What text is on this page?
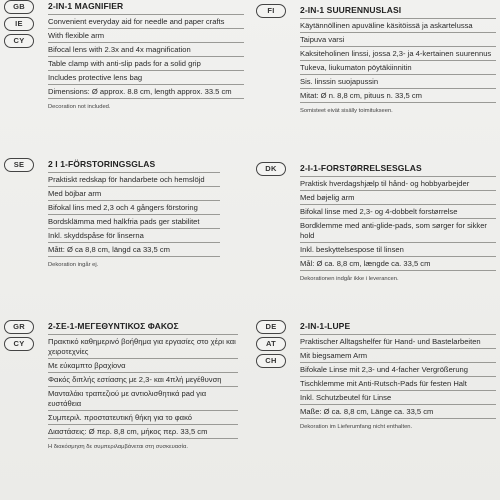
GB
IE
CY
2-IN-1 MAGNIFIER
Convenient everyday aid for needle and paper crafts
With flexible arm
Bifocal lens with 2.3x and 4x magnification
Table clamp with anti-slip pads for a solid grip
Includes protective lens bag
Dimensions: Ø approx. 8.8 cm, length approx. 33.5 cm
Decoration not included.
FI	2-IN-1 SUURENNUSLASI
Käytännöllinen apuväline käsitöissä ja askartelussa
Taipuva varsi
Kaksiteholinen linssi, jossa 2,3- ja 4-kertainen suurennus
Tukeva, liukumaton pöytäkiinnitin
Sis. linssin suojapussin
Mitat: Ø n. 8,8 cm, pituus n. 33,5 cm
Somisteet eivät sisälly toimitukseen.
SE	2 I 1-FÖRSTORINGSGLAS
Praktiskt redskap för handarbete och hemslöjd
Med böjbar arm
Bifokal lins med 2,3 och 4 gångers förstoring
Bordsklämma med halkfria pads ger stabilitet
Inkl. skyddspåse för linserna
Mått: Ø ca 8,8 cm, längd ca 33,5 cm
Dekoration ingår ej.
DK	2-I-1-FORSTØRRELSESGLAS
Praktisk hverdagshjælp til hånd- og hobbyarbejder
Med bøjelig arm
Bifokal linse med 2,3- og 4-dobbelt forstørrelse
Bordklemme med anti-glide-pads, som sørger for sikker hold
Inkl. beskyttelsespose til linsen
Mål: Ø ca. 8,8 cm, længde ca. 33,5 cm
Dekorationen indgår ikke i leverancen.
GR
CY
2-ΣΕ-1-ΜΕΓΕΘΥΝΤΙΚΟΣ ΦΑΚΟΣ
Πρακτικό καθημερινό βοήθημα για εργασίες στο χέρι και χειροτεχνίες
Με εύκαμπτο βραχίονα
Φακός διπλής εστίασης με 2,3- και 4πλή μεγέθυνση
Μανταλάκι τραπεζιού με αντιολισθητικά pad για ευστάθεια
Συμπεριλ. προστατευτική θήκη για το φακό
Διαστάσεις: Ø περ. 8,8 cm, μήκος περ. 33,5 cm
Η διακόσμηση δε συμπεριλαμβάνεται στη συσκευασία.
DE
AT
CH
2-IN-1-LUPE
Praktischer Alltagshelfer für Hand- und Bastelarbeiten
Mit biegsamem Arm
Bifokale Linse mit 2,3- und 4-facher Vergrößerung
Tischklemme mit Anti-Rutsch-Pads für festen Halt
Inkl. Schutzbeutel für Linse
Maße: Ø ca. 8,8 cm, Länge ca. 33,5 cm
Dekoration im Lieferumfang nicht enthalten.
